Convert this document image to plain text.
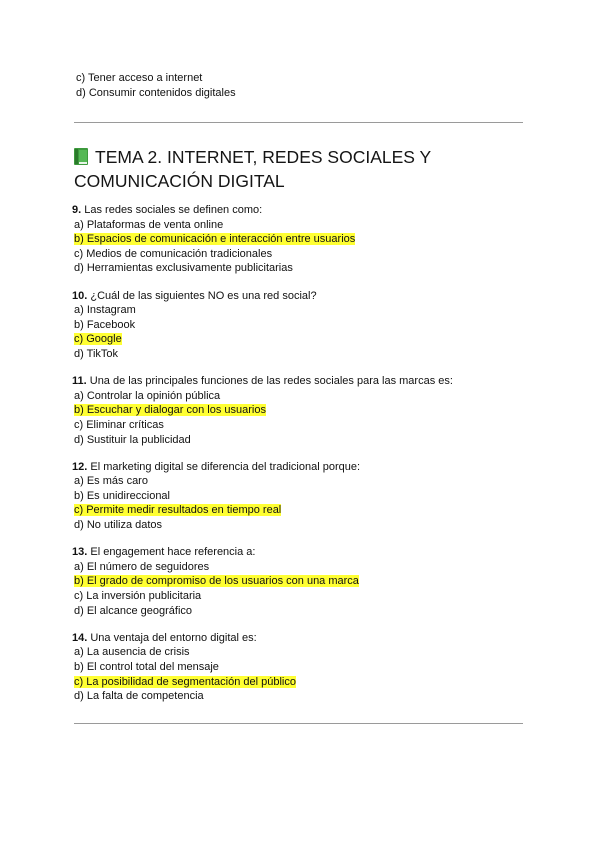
c) Tener acceso a internet

d) Consumir contenidos digitales

TEMA 2. INTERNET, REDES SOCIALES Y COMUNICACIÓN DIGITAL

9. Las redes sociales se definen como:

a) Plataformas de venta online

b) Espacios de comunicación e interacción entre usuarios

c) Medios de comunicación tradicionales

d) Herramientas exclusivamente publicitarias

10. ¿Cuál de las siguientes NO es una red social?

a) Instagram

b) Facebook

c) Google

d) TikTok

11. Una de las principales funciones de las redes sociales para las marcas es:

a) Controlar la opinión pública

b) Escuchar y dialogar con los usuarios

c) Eliminar críticas

d) Sustituir la publicidad

12. El marketing digital se diferencia del tradicional porque:

a) Es más caro

b) Es unidireccional

c) Permite medir resultados en tiempo real

d) No utiliza datos

13. El engagement hace referencia a:

a) El número de seguidores

b) El grado de compromiso de los usuarios con una marca

c) La inversión publicitaria

d) El alcance geográfico

14. Una ventaja del entorno digital es:

a) La ausencia de crisis

b) El control total del mensaje

c) La posibilidad de segmentación del público

d) La falta de competencia
